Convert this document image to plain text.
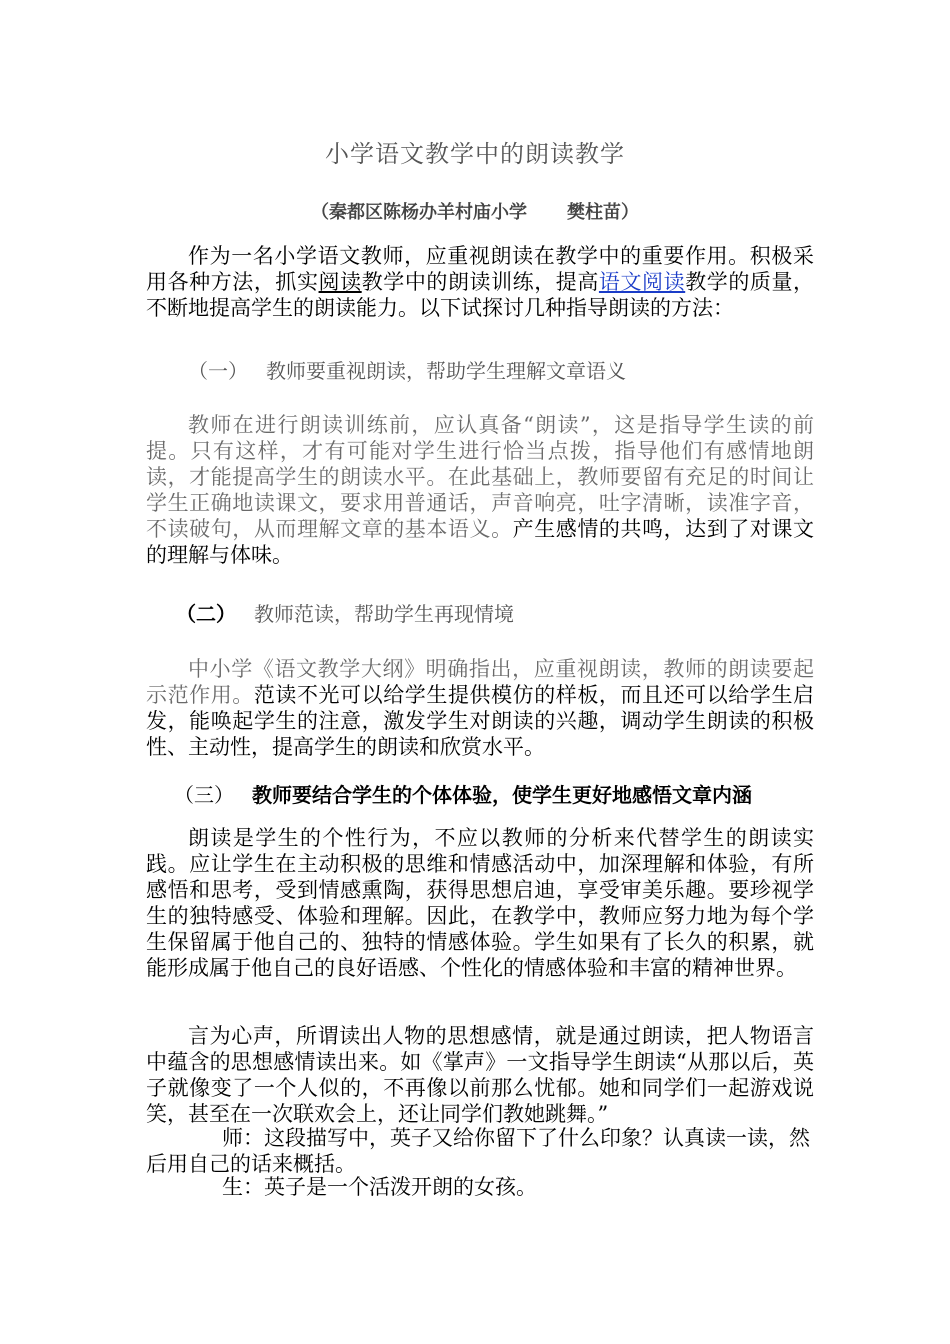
小学语文教学中的朗读教学
（秦都区陈杨办羊村庙小学 樊柱苗）

作为一名小学语文教师，应重视朗读在教学中的重要作用。积极采用各种方法，抓实阅读教学中的朗读训练，提高语文阅读教学的质量，不断地提高学生的朗读能力。以下试探讨几种指导朗读的方法：

（一） 教师要重视朗读，帮助学生理解文章语义

教师在进行朗读训练前，应认真备“朗读”，这是指导学生读的前提。只有这样，才有可能对学生进行恰当点拨，指导他们有感情地朗读，才能提高学生的朗读水平。在此基础上，教师要留有充足的时间让学生正确地读课文，要求用普通话，声音响亮，吐字清晰，读准字音，不读破句，从而理解文章的基本语义。产生感情的共鸣，达到了对课文的理解与体味。

（二） 教师范读，帮助学生再现情境

中小学《语文教学大纲》明确指出，应重视朗读，教师的朗读要起示范作用。范读不光可以给学生提供模仿的样板，而且还可以给学生启发，能唤起学生的注意，激发学生对朗读的兴趣，调动学生朗读的积极性、主动性，提高学生的朗读和欣赏水平。

（三） 教师要结合学生的个体体验，使学生更好地感悟文章内涵

朗读是学生的个性行为，不应以教师的分析来代替学生的朗读实践。应让学生在主动积极的思维和情感活动中，加深理解和体验，有所感悟和思考，受到情感熏陶，获得思想启迪，享受审美乐趣。要珍视学生的独特感受、体验和理解。因此，在教学中，教师应努力地为每个学生保留属于他自己的、独特的情感体验。学生如果有了长久的积累，就能形成属于他自己的良好语感、个性化的情感体验和丰富的精神世界。

言为心声，所谓读出人物的思想感情，就是通过朗读，把人物语言中蕴含的思想感情读出来。如《掌声》一文指导学生朗读“从那以后，英子就像变了一个人似的，不再像以前那么忧郁。她和同学们一起游戏说笑，甚至在一次联欢会上，还让同学们教她跳舞。”

师：这段描写中，英子又给你留下了什么印象？认真读一读，然后用自己的话来概括。

生：英子是一个活泼开朗的女孩。
